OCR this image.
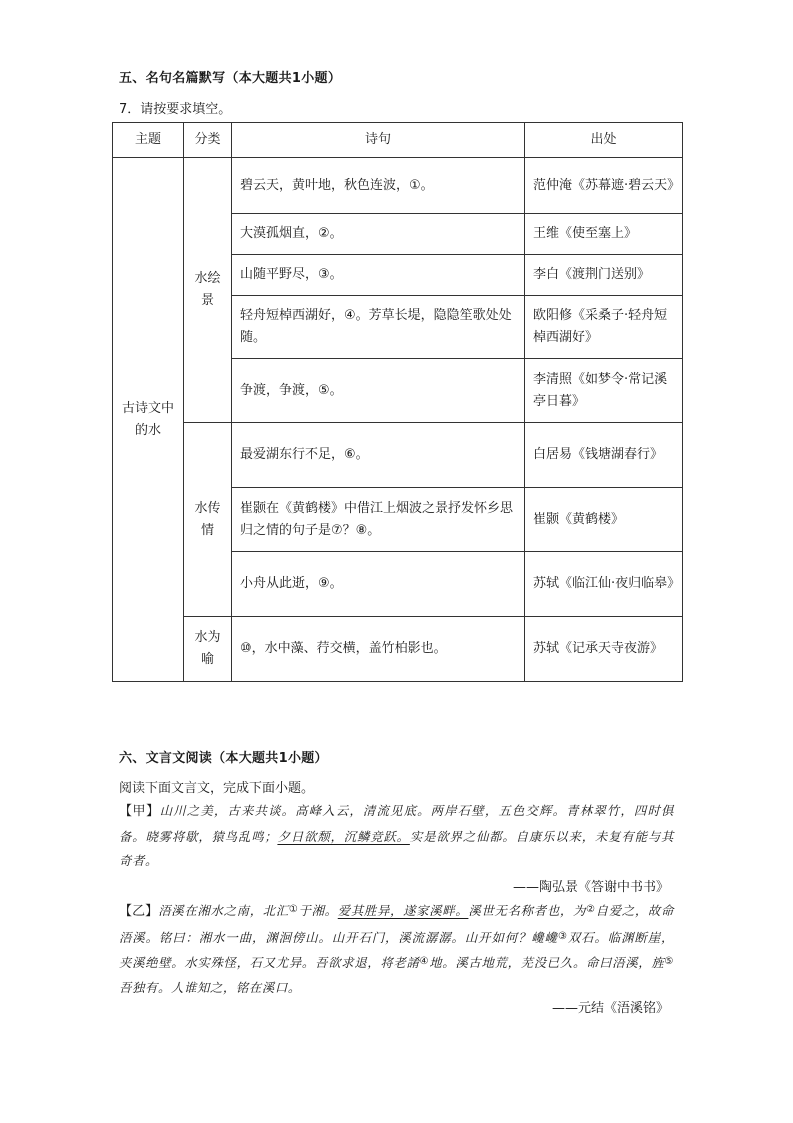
五、名句名篇默写（本大题共1小题）
7．请按要求填空。
主题	分类	诗句	出处
古诗文中的水	水绘景	碧云天，黄叶地，秋色连波，①。	范仲淹《苏幕遮·碧云天》
		大漠孤烟直，②。	王维《使至塞上》
		山随平野尽，③。	李白《渡荆门送别》
		轻舟短棹西湖好，④。芳草长堤，隐隐笙歌处处随。	欧阳修《采桑子·轻舟短棹西湖好》
		争渡，争渡，⑤。	李清照《如梦令·常记溪亭日暮》
	水传情	最爱湖东行不足，⑥。	白居易《钱塘湖春行》
		崔颢在《黄鹤楼》中借江上烟波之景抒发怀乡思归之情的句子是⑦？⑧。	崔颢《黄鹤楼》
		小舟从此逝，⑨。	苏轼《临江仙·夜归临皋》
	水为喻	⑩，水中藻、荇交横，盖竹柏影也。	苏轼《记承天寺夜游》
六、文言文阅读（本大题共1小题）
阅读下面文言文，完成下面小题。
【甲】山川之美，古来共谈。高峰入云，清流见底。两岸石壁，五色交辉。青林翠竹，四时俱备。晓雾将歇，猿鸟乱鸣；夕日欲颓，沉鳞竞跃。实是欲界之仙都。自康乐以来，未复有能与其奇者。
——陶弘景《答谢中书书》
【乙】浯溪在湘水之南，北汇①于湘。爱其胜异，遂家溪畔。溪世无名称者也，为②自爱之，故命浯溪。铭曰：湘水一曲，渊洄傍山。山开石门，溪流潺潺。山开如何？巉巉③双石。临渊断崖，夹溪绝壁。水实殊怪，石又尤异。吾欲求退，将老誵④地。溪古地荒，芜没已久。命曰浯溪，旌⑤吾独有。人谁知之，铭在溪口。
——元结《浯溪铭》
